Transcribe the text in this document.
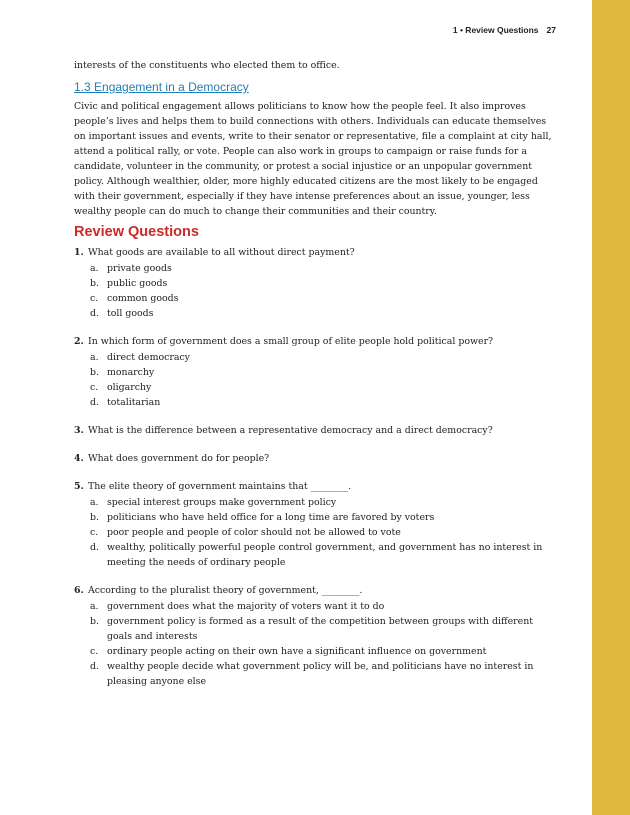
1 • Review Questions 27

interests of the constituents who elected them to office.

1.3 Engagement in a Democracy

Civic and political engagement allows politicians to know how the people feel. It also improves people’s lives and helps them to build connections with others. Individuals can educate themselves on important issues and events, write to their senator or representative, file a complaint at city hall, attend a political rally, or vote. People can also work in groups to campaign or raise funds for a candidate, volunteer in the community, or protest a social injustice or an unpopular government policy. Although wealthier, older, more highly educated citizens are the most likely to be engaged with their government, especially if they have intense preferences about an issue, younger, less wealthy people can do much to change their communities and their country.

Review Questions
1. What goods are available to all without direct payment?
a. private goods
b. public goods
c. common goods
d. toll goods
2. In which form of government does a small group of elite people hold political power?
a. direct democracy
b. monarchy
c. oligarchy
d. totalitarian
3. What is the difference between a representative democracy and a direct democracy?
4. What does government do for people?
5. The elite theory of government maintains that ________.
a. special interest groups make government policy
b. politicians who have held office for a long time are favored by voters
c. poor people and people of color should not be allowed to vote
d. wealthy, politically powerful people control government, and government has no interest in meeting the needs of ordinary people
6. According to the pluralist theory of government, ________.
a. government does what the majority of voters want it to do
b. government policy is formed as a result of the competition between groups with different goals and interests
c. ordinary people acting on their own have a significant influence on government
d. wealthy people decide what government policy will be, and politicians have no interest in pleasing anyone else
